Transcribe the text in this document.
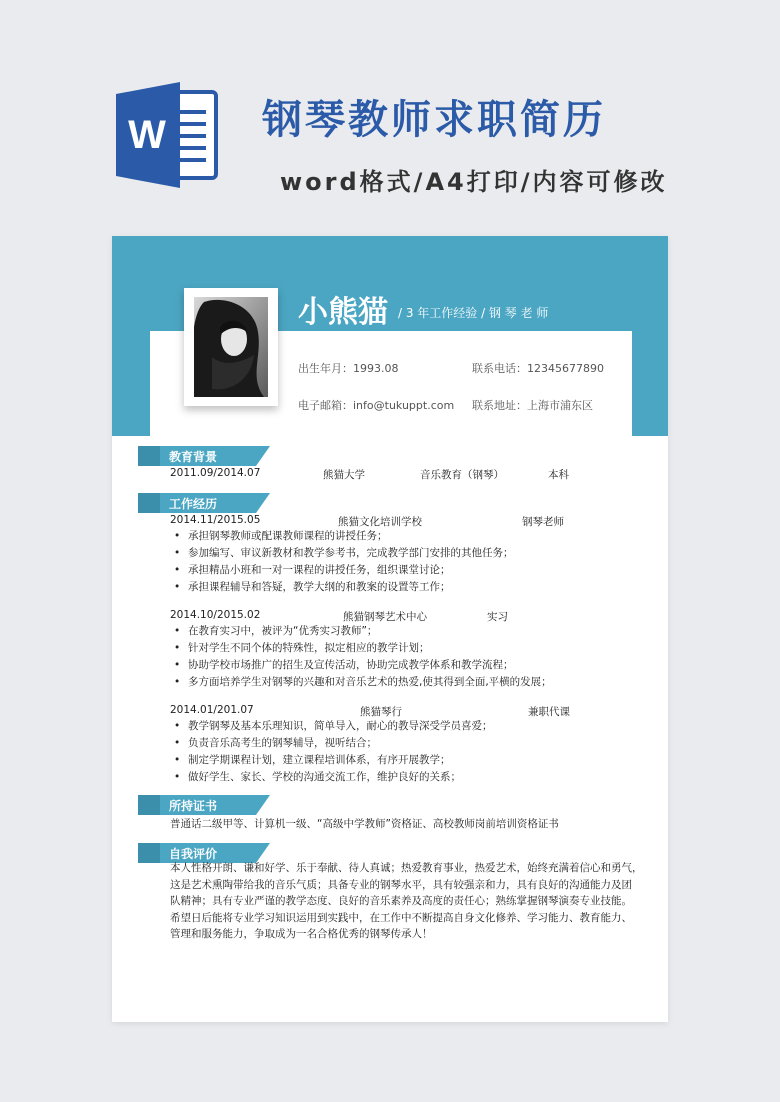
W 钢琴教师求职简历
word格式/A4打印/内容可修改
小熊猫 / 3 年工作经验 / 钢 琴 老 师
出生年月：1993.08	联系电话：12345677890
电子邮箱：info@tukuppt.com 联系地址：上海市浦东区
教育背景
2011.09/2014.07	熊猫大学	音乐教育（钢琴）	本科
工作经历
2014.11/2015.05	熊猫文化培训学校	钢琴老师
• 承担钢琴教师或配课教师课程的讲授任务；
• 参加编写、审议新教材和教学参考书，完成教学部门安排的其他任务；
• 承担精品小班和一对一课程的讲授任务，组织课堂讨论；
• 承担课程辅导和答疑，教学大纲的和教案的设置等工作；
2014.10/2015.02	熊猫钢琴艺术中心	实习
• 在教育实习中，被评为“优秀实习教师”；
• 针对学生不同个体的特殊性，拟定相应的教学计划；
• 协助学校市场推广的招生及宣传活动，协助完成教学体系和教学流程；
• 多方面培养学生对钢琴的兴趣和对音乐艺术的热爱,使其得到全面,平横的发展；
2014.01/201.07	熊猫琴行	兼职代课
• 教学钢琴及基本乐理知识，简单导入，耐心的教导深受学员喜爱；
• 负责音乐高考生的钢琴辅导，视听结合；
• 制定学期课程计划，建立课程培训体系，有序开展教学；
• 做好学生、家长、学校的沟通交流工作，维护良好的关系；
所持证书
普通话二级甲等、计算机一级、“高级中学教师”资格证、高校教师岗前培训资格证书
自我评价
本人性格开朗、谦和好学、乐于奉献、待人真诚；热爱教育事业，热爱艺术，始终充满着信心和勇气，
这是艺术熏陶带给我的音乐气质；具备专业的钢琴水平，具有较强亲和力，具有良好的沟通能力及团
队精神；具有专业严谨的教学态度、良好的音乐素养及高度的责任心；熟练掌握钢琴演奏专业技能。
希望日后能将专业学习知识运用到实践中，在工作中不断提高自身文化修养、学习能力、教育能力、
管理和服务能力，争取成为一名合格优秀的钢琴传承人！
